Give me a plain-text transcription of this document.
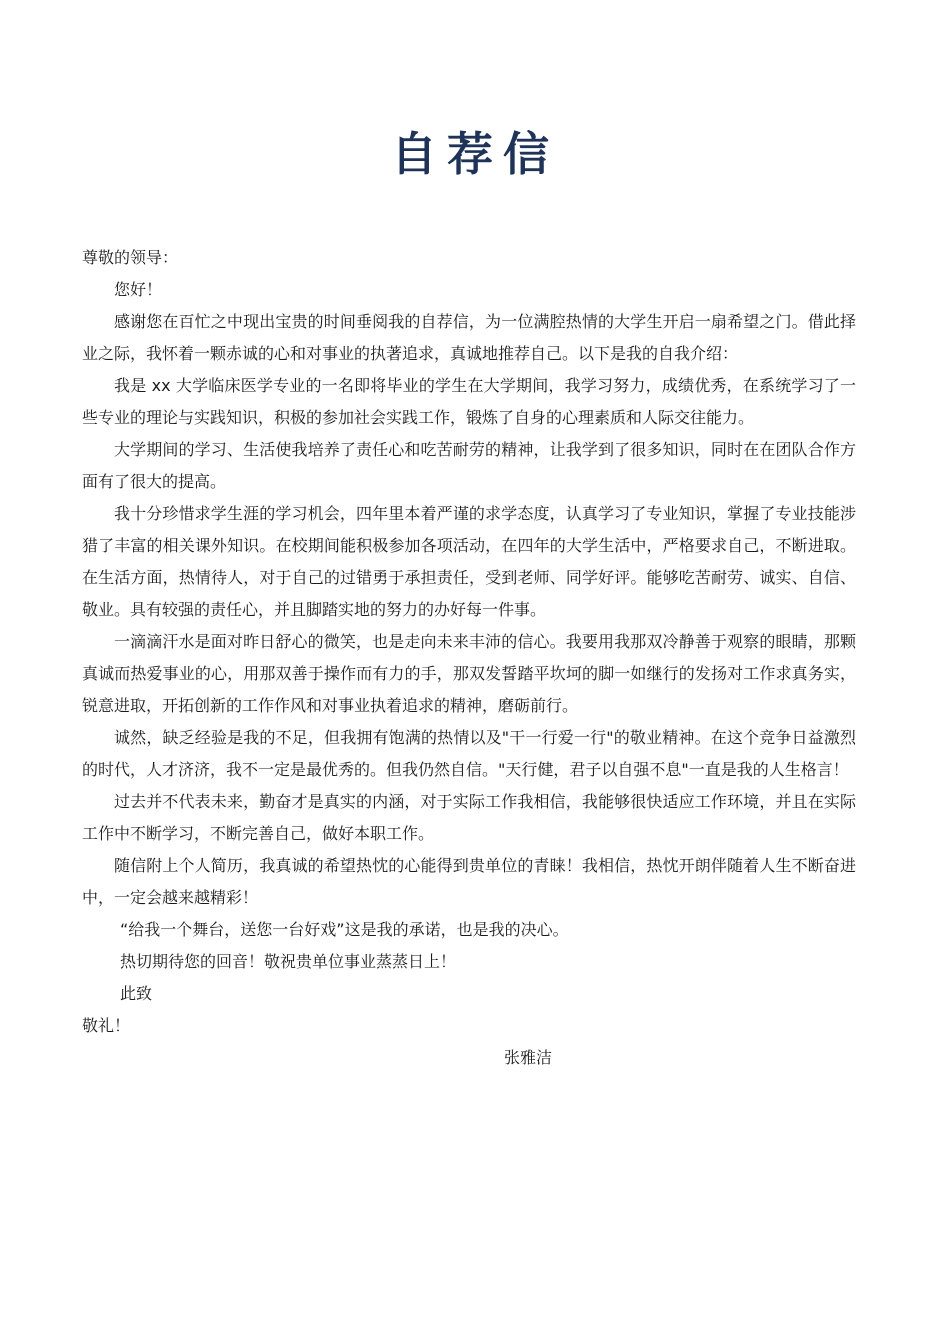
自荐信

尊敬的领导：

您好！

感谢您在百忙之中现出宝贵的时间垂阅我的自荐信，为一位满腔热情的大学生开启一扇希望之门。借此择业之际，我怀着一颗赤诚的心和对事业的执著追求，真诚地推荐自己。以下是我的自我介绍：

我是 xx 大学临床医学专业的一名即将毕业的学生在大学期间，我学习努力，成绩优秀，在系统学习了一些专业的理论与实践知识，积极的参加社会实践工作，锻炼了自身的心理素质和人际交往能力。

大学期间的学习、生活使我培养了责任心和吃苦耐劳的精神，让我学到了很多知识，同时在在团队合作方面有了很大的提高。

我十分珍惜求学生涯的学习机会，四年里本着严谨的求学态度，认真学习了专业知识，掌握了专业技能涉猎了丰富的相关课外知识。在校期间能积极参加各项活动，在四年的大学生活中，严格要求自己，不断进取。在生活方面，热情待人，对于自己的过错勇于承担责任，受到老师、同学好评。能够吃苦耐劳、诚实、自信、敬业。具有较强的责任心，并且脚踏实地的努力的办好每一件事。

一滴滴汗水是面对昨日舒心的微笑，也是走向未来丰沛的信心。我要用我那双冷静善于观察的眼睛，那颗真诚而热爱事业的心，用那双善于操作而有力的手，那双发誓踏平坎坷的脚一如继行的发扬对工作求真务实，锐意进取，开拓创新的工作作风和对事业执着追求的精神，磨砺前行。

诚然，缺乏经验是我的不足，但我拥有饱满的热情以及"干一行爱一行"的敬业精神。在这个竞争日益激烈的时代，人才济济，我不一定是最优秀的。但我仍然自信。"天行健，君子以自强不息"一直是我的人生格言！

过去并不代表未来，勤奋才是真实的内涵，对于实际工作我相信，我能够很快适应工作环境，并且在实际工作中不断学习，不断完善自己，做好本职工作。

随信附上个人简历，我真诚的希望热忱的心能得到贵单位的青睐！我相信，热忱开朗伴随着人生不断奋进中，一定会越来越精彩！

“给我一个舞台，送您一台好戏”这是我的承诺，也是我的决心。

热切期待您的回音！敬祝贵单位事业蒸蒸日上！

此致

敬礼！

张雅洁
